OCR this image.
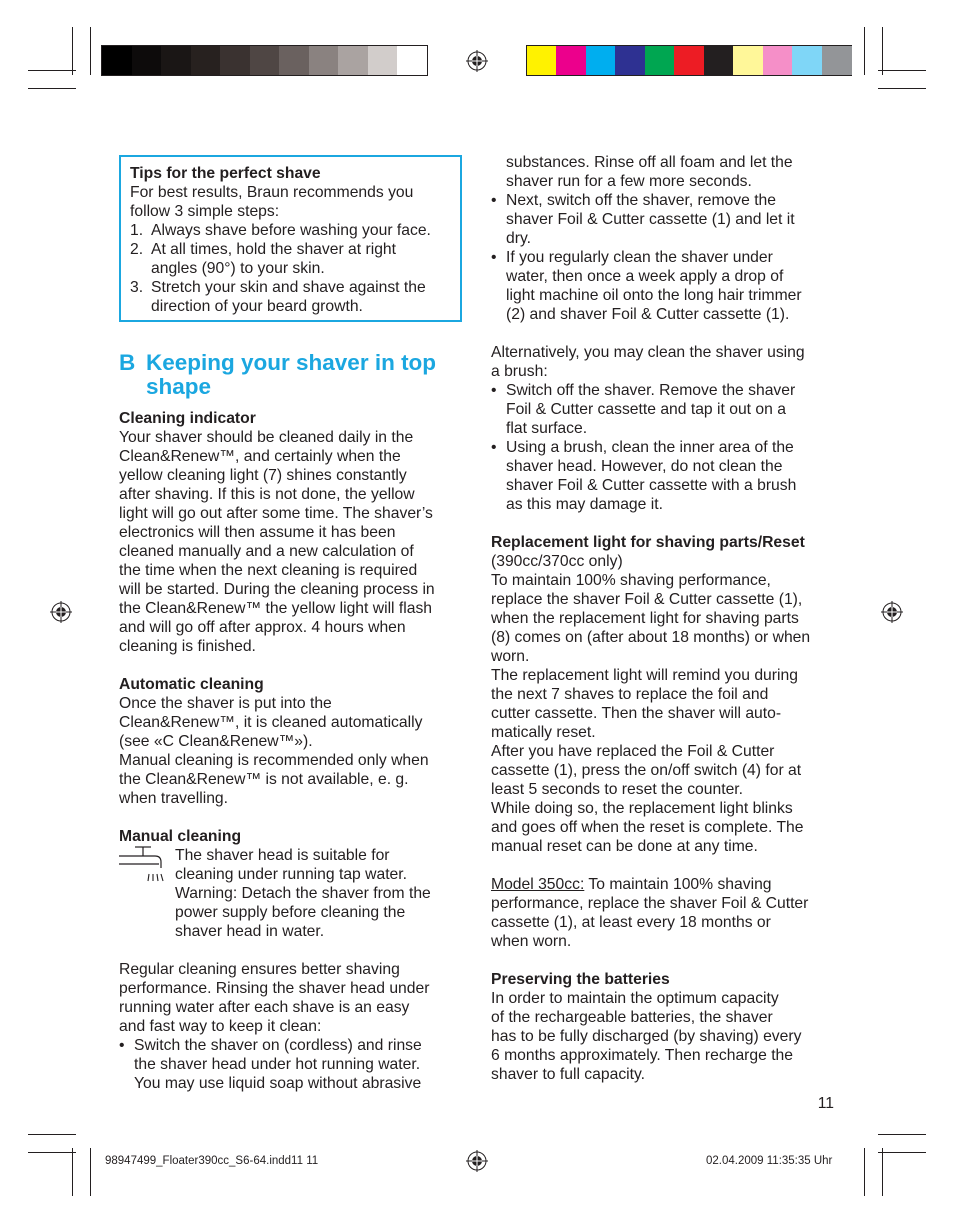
Tips for the perfect shave

For best results, Braun recommends you
follow 3 simple steps:

1. Always shave before washing your face.
2. At all times, hold the shaver at right
angles (90°) to your skin.
3. Stretch your skin and shave against the
direction of your beard growth.
B Keeping your shaver in top
shape

Cleaning indicator

Your shaver should be cleaned daily in the
Clean&Renew™, and certainly when the
yellow cleaning light (7) shines constantly
after shaving. If this is not done, the yellow
light will go out after some time. The shaver’s
electronics will then assume it has been
cleaned manually and a new calculation of
the time when the next cleaning is required
will be started. During the cleaning process in
the Clean&Renew™ the yellow light will flash
and will go off after approx. 4 hours when
cleaning is finished.

Automatic cleaning

Once the shaver is put into the
Clean&Renew™, it is cleaned automatically
(see «C Clean&Renew™»).
Manual cleaning is recommended only when
the Clean&Renew™ is not available, e. g.
when travelling.

Manual cleaning

The shaver head is suitable for
cleaning under running tap water.
Warning: Detach the shaver from the
power supply before cleaning the
shaver head in water.

Regular cleaning ensures better shaving
performance. Rinsing the shaver head under
running water after each shave is an easy
and fast way to keep it clean:

• Switch the shaver on (cordless) and rinse
the shaver head under hot running water.
You may use liquid soap without abrasive

substances. Rinse off all foam and let the
shaver run for a few more seconds.

• Next, switch off the shaver, remove the
shaver Foil & Cutter cassette (1) and let it
dry.
• If you regularly clean the shaver under
water, then once a week apply a drop of
light machine oil onto the long hair trimmer
(2) and shaver Foil & Cutter cassette (1).

Alternatively, you may clean the shaver using
a brush:

• Switch off the shaver. Remove the shaver
Foil & Cutter cassette and tap it out on a
flat surface.
• Using a brush, clean the inner area of the
shaver head. However, do not clean the
shaver Foil & Cutter cassette with a brush
as this may damage it.

Replacement light for shaving parts/Reset

(390cc/370cc only)
To maintain 100% shaving performance,
replace the shaver Foil & Cutter cassette (1),
when the replacement light for shaving parts
(8) comes on (after about 18 months) or when
worn.
The replacement light will remind you during
the next 7 shaves to replace the foil and
cutter cassette. Then the shaver will auto-
matically reset.
After you have replaced the Foil & Cutter
cassette (1), press the on/off switch (4) for at
least 5 seconds to reset the counter.
While doing so, the replacement light blinks
and goes off when the reset is complete. The
manual reset can be done at any time.

Model 350cc: To maintain 100% shaving
performance, replace the shaver Foil & Cutter
cassette (1), at least every 18 months or
when worn.

Preserving the batteries

In order to maintain the optimum capacity
of the rechargeable batteries, the shaver
has to be fully discharged (by shaving) every
6 months approximately. Then recharge the
shaver to full capacity.

11
98947499_Floater390cc_S6-64.indd11 11	02.04.2009 11:35:35 Uhr
